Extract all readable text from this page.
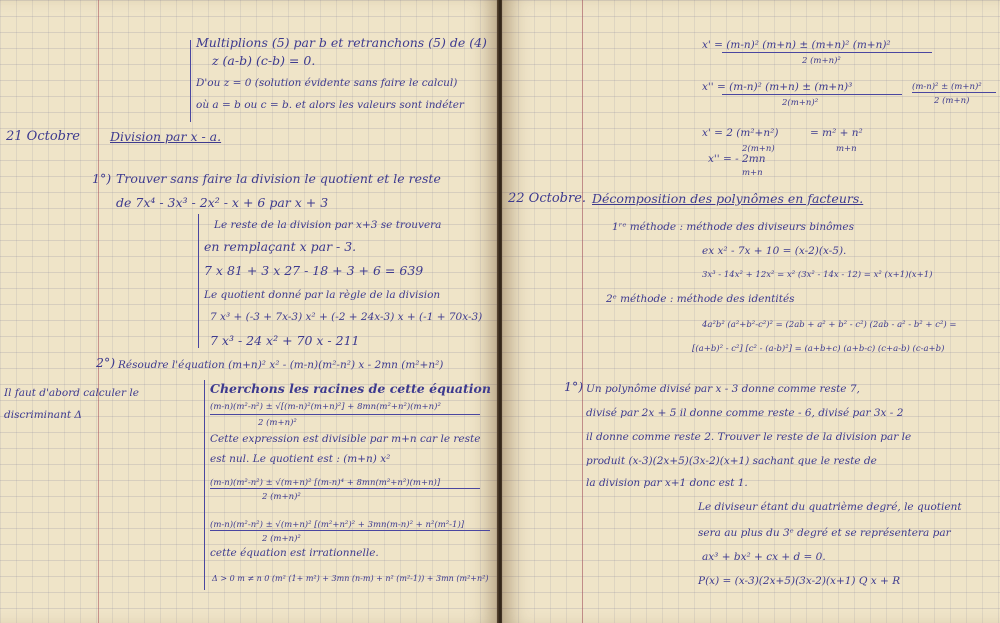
Multiplions (5) par b et retranchons (5) de (4)
z (a-b) (c-b) = 0.
D'ou z = 0 (solution évidente sans faire le calcul)
où a = b ou c = b. et alors les valeurs sont indéter
21 Octobre Division par x - a.
1°) Trouver sans faire la division le quotient et le reste
de 7x⁴ - 3x³ - 2x² - x + 6 par x + 3
Le reste de la division par x+3 se trouvera
en remplaçant x par - 3.
7 x 81 + 3 x 27 - 18 + 3 + 6 = 639
Le quotient donné par la règle de la division
7 x³ + (-3 + 7x-3) x² + (-2 + 24x-3) x + (-1 + 70x-3)
7 x³ - 24 x² + 70 x - 211
2°) Résoudre l'équation (m+n)² x² - (m-n)(m²-n²) x - 2mn (m²+n²)
Il faut d'abord calculer le
discriminant Δ
Cherchons les racines de cette équation
(m-n)(m²-n²) ± √[(m-n)²(m+n)²] + 8mn(m²+n²)(m+n)²
2 (m+n)²
Cette expression est divisible par m+n car le reste
est nul. Le quotient est : (m+n) x²
(m-n)(m²-n²) ± √(m+n)² [(m-n)⁴ + 8mn(m²+n²)(m+n)]
2 (m+n)²
(m-n)(m²-n²) ± √(m+n)² [(m²+n²)² + 3mn(m-n)² + n²(m²-1)]
2 (m+n)²
cette équation est irrationnelle.
Δ > 0 m ≠ n 0 (m² (1+ m²) + 3mn (n-m) + n² (m²-1)) + 3mn (m²+n²)
x' = (m-n)² (m+n) ± (m+n)² (m+n)²
2 (m+n)²
x'' = (m-n)² (m+n) ± (m+n)³
2(m+n)²
(m-n)² ± (m+n)²
2 (m+n)
x' = 2 (m²+n²)
2(m+n)
= m² + n²
m+n
x'' = - 2mn
m+n
22 Octobre. Décomposition des polynômes en facteurs.
1ʳᵉ méthode : méthode des diviseurs binômes
ex x² - 7x + 10 = (x-2)(x-5).
3x³ - 14x² + 12x² = x² (3x² - 14x - 12) = x² (x+1)(x+1)
2ᵉ méthode : méthode des identités
4a²b² (a²+b²-c²)² = (2ab + a² + b² - c²) (2ab - a² - b² + c²) =
[(a+b)² - c²] [c² - (a-b)²] = (a+b+c) (a+b-c) (c+a-b) (c-a+b)
1°) Un polynôme divisé par x - 3 donne comme reste 7,
divisé par 2x + 5 il donne comme reste - 6, divisé par 3x - 2
il donne comme reste 2. Trouver le reste de la division par le
produit (x-3)(2x+5)(3x-2)(x+1) sachant que le reste de
la division par x+1 donc est 1.
Le diviseur étant du quatrième degré, le quotient
sera au plus du 3ᵉ degré et se représentera par
ax³ + bx² + cx + d = 0.
P(x) = (x-3)(2x+5)(3x-2)(x+1) Q x + R
